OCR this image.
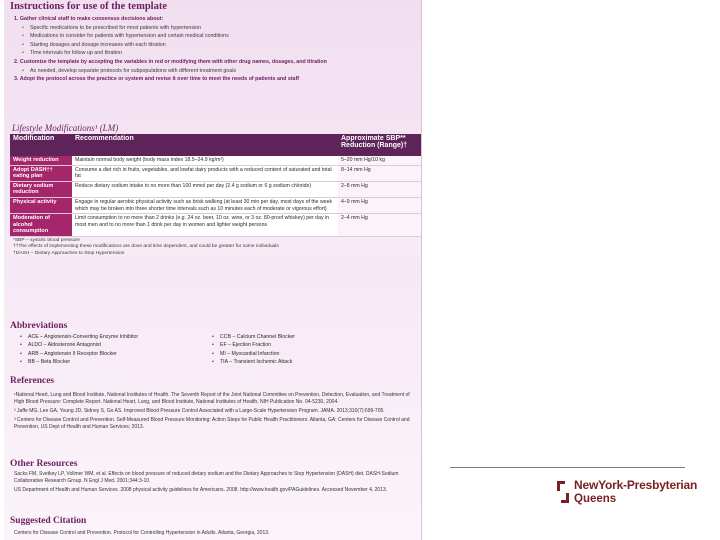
Instructions for use of the template
1. Gather clinical staff to make consensus decisions about:
• Specific medications to be prescribed for most patients with hypertension
• Medications to consider for patients with hypertension and certain medical conditions
• Starting dosages and dosage increases with each titration
• Time intervals for follow up and titration
2. Customize the template by accepting the variables in red or modifying them with other drug names, dosages, and titration
• As needed, develop separate protocols for subpopulations with different treatment goals
3. Adopt the protocol across the practice or system and revise it over time to meet the needs of patients and staff
Lifestyle Modifications¹ (LM)
Modification	Recommendation	Approximate SBP** Reduction (Range)†
Weight reduction	Maintain normal body weight (body mass index 18.5–24.9 kg/m²)	5–20 mm Hg/10 kg
Adopt DASH†† eating plan	Consume a diet rich in fruits, vegetables, and lowfat dairy products with a reduced content of saturated and total fat	8–14 mm Hg
Dietary sodium reduction	Reduce dietary sodium intake to no more than 100 mmol per day (2.4 g sodium or 6 g sodium chloride)	2–8 mm Hg
Physical activity	Engage in regular aerobic physical activity such as brisk walking (at least 30 min per day, most days of the week which may be broken into three shorter time intervals such as 10 minutes each of moderate or vigorous effort)	4–9 mm Hg
Moderation of alcohol consumption	Limit consumption to no more than 2 drinks (e.g. 24 oz. beer, 10 oz. wine, or 3 oz. 80-proof whiskey) per day in most men and to no more than 1 drink per day in women and lighter weight persons	2–4 mm Hg
*SBP – systolic blood pressure
††The effects of implementing these modifications are dose and time dependent, and could be greater for some individuals
†DASH – Dietary Approaches to Stop Hypertension
Abbreviations
• ACE – Angiotensin-Converting Enzyme Inhibitor
• ALDO – Aldosterone Antagonist
• ARB – Angiotensin II Receptor Blocker
• BB – Beta Blocker
• CCB – Calcium Channel Blocker
• EF – Ejection Fraction
• MI – Myocardial Infarction
• TIA – Transient Ischemic Attack
References
¹National Heart, Lung and Blood Institute, National Institutes of Health. The Seventh Report of the Joint National Committee on Prevention, Detection, Evaluation, and Treatment of High Blood Pressure: Complete Report. National Heart, Lung, and Blood Institute, National Institutes of Health, NIH Publication No. 04-5230, 2004.
² Jaffe MG, Lee GA, Young JD, Sidney S, Go AS. Improved Blood Pressure Control Associated with a Large-Scale Hypertension Program. JAMA. 2013;310(7):699-705.
³ Centers for Disease Control and Prevention. Self-Measured Blood Pressure Monitoring: Action Steps for Public Health Practitioners. Atlanta, GA: Centers for Disease Control and Prevention, US Dept of Health and Human Services; 2013.
Other Resources
Sacks FM, Svetkey LP, Vollmer WM, et al. Effects on blood pressure of reduced dietary sodium and the Dietary Approaches to Stop Hypertension (DASH) diet. DASH-Sodium Collaborative Research Group. N Engl J Med. 2001;344:3-10.
US Department of Health and Human Services. 2008 physical activity guidelines for Americans. 2008. http://www.health.gov/PAGuidelines. Accessed November 4, 2013.
Suggested Citation
Centers for Disease Control and Prevention. Protocol for Controlling Hypertension in Adults. Atlanta, Georgia, 2013.
NewYork-Presbyterian
Queens
